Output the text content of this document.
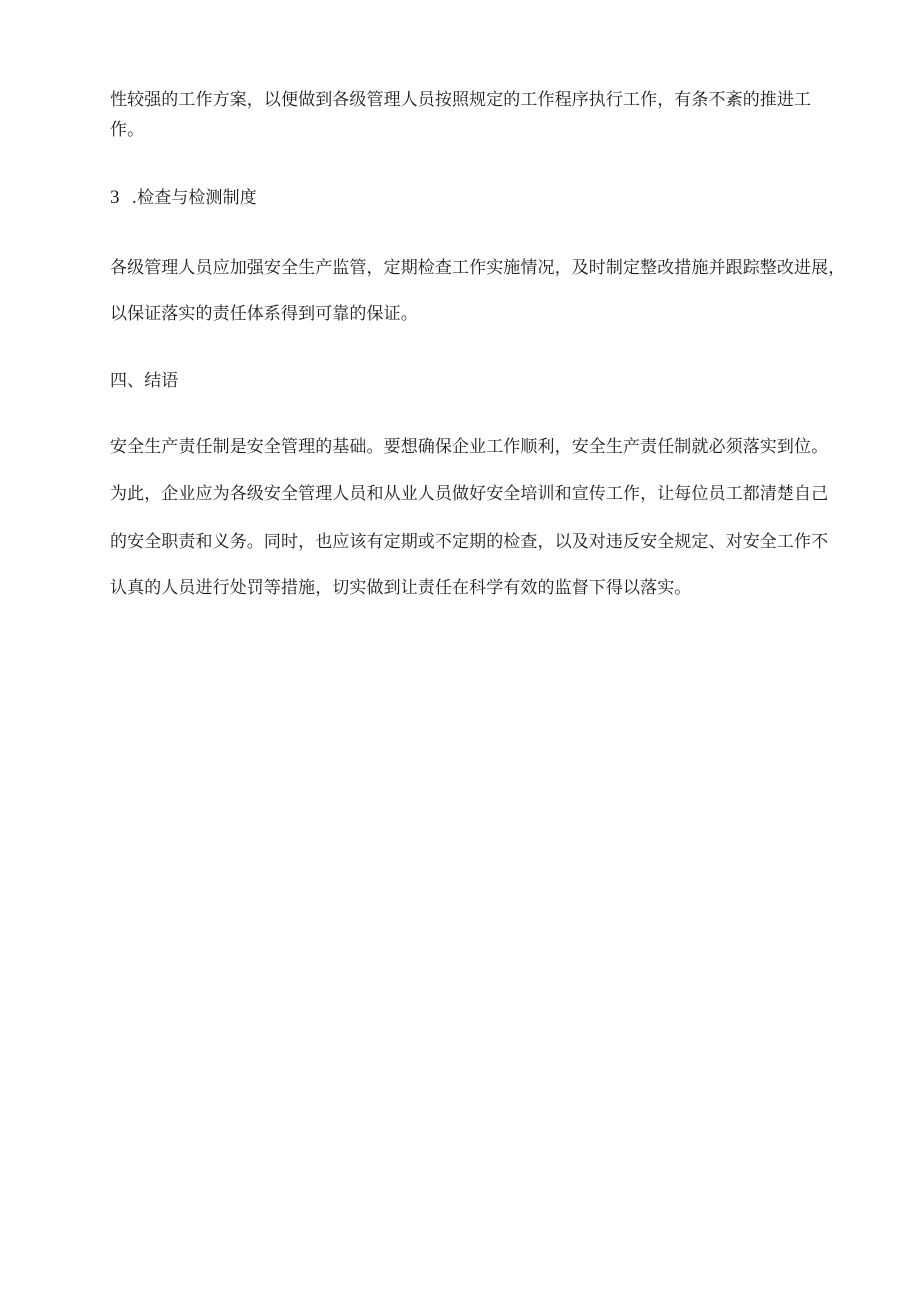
性较强的工作方案，以便做到各级管理人员按照规定的工作程序执行工作，有条不紊的推进工
作。
3 .检查与检测制度
各级管理人员应加强安全生产监管，定期检查工作实施情况，及时制定整改措施并跟踪整改进展，
以保证落实的责任体系得到可靠的保证。
四、结语
安全生产责任制是安全管理的基础。要想确保企业工作顺利，安全生产责任制就必须落实到位。
为此，企业应为各级安全管理人员和从业人员做好安全培训和宣传工作，让每位员工都清楚自己
的安全职责和义务。同时，也应该有定期或不定期的检查，以及对违反安全规定、对安全工作不
认真的人员进行处罚等措施，切实做到让责任在科学有效的监督下得以落实。
